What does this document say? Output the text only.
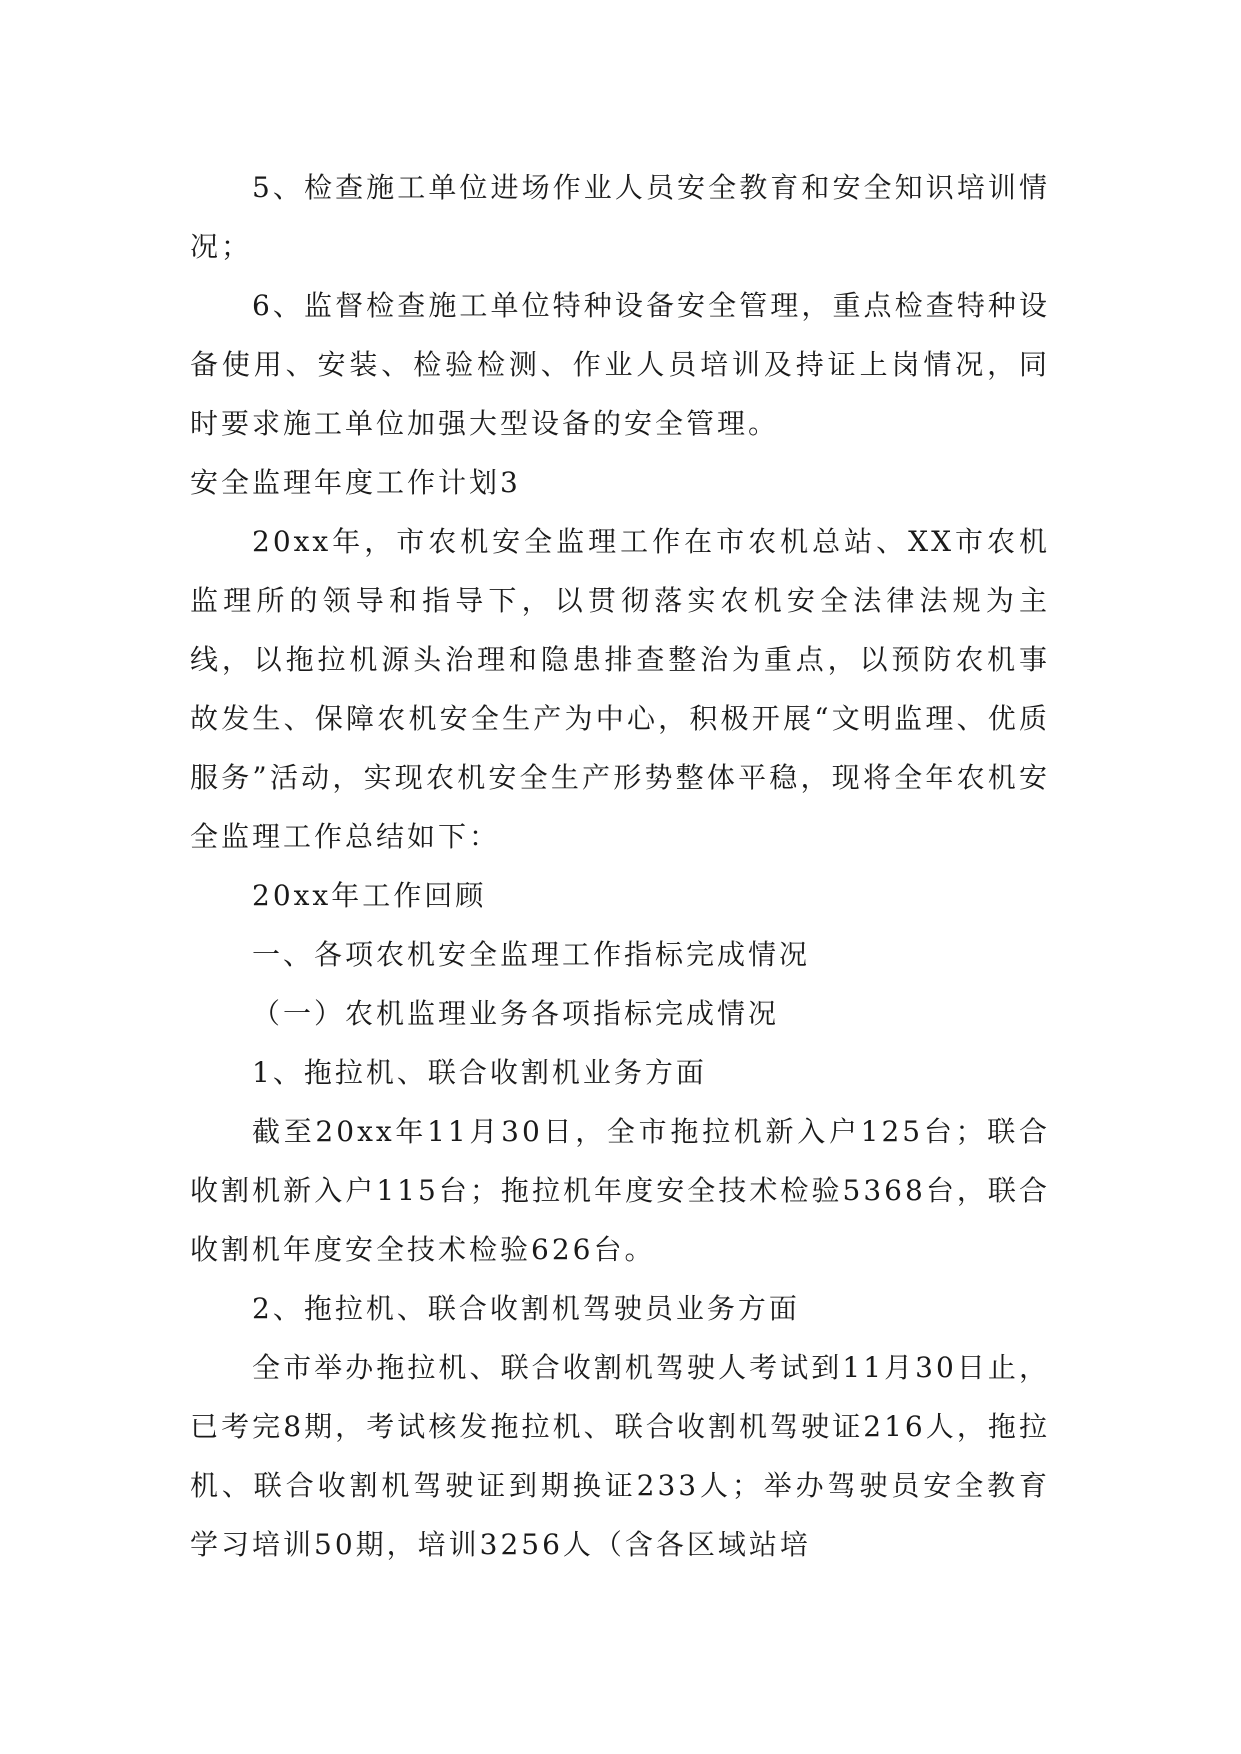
5、检查施工单位进场作业人员安全教育和安全知识培训情况；

6、监督检查施工单位特种设备安全管理，重点检查特种设备使用、安装、检验检测、作业人员培训及持证上岗情况，同时要求施工单位加强大型设备的安全管理。

安全监理年度工作计划3

20xx年，市农机安全监理工作在市农机总站、XX市农机监理所的领导和指导下，以贯彻落实农机安全法律法规为主线，以拖拉机源头治理和隐患排查整治为重点，以预防农机事故发生、保障农机安全生产为中心，积极开展“文明监理、优质服务”活动，实现农机安全生产形势整体平稳，现将全年农机安全监理工作总结如下：

20xx年工作回顾

一、各项农机安全监理工作指标完成情况

（一）农机监理业务各项指标完成情况

1、拖拉机、联合收割机业务方面

截至20xx年11月30日，全市拖拉机新入户125台；联合收割机新入户115台；拖拉机年度安全技术检验5368台，联合收割机年度安全技术检验626台。

2、拖拉机、联合收割机驾驶员业务方面

全市举办拖拉机、联合收割机驾驶人考试到11月30日止，已考完8期，考试核发拖拉机、联合收割机驾驶证216人，拖拉机、联合收割机驾驶证到期换证233人；举办驾驶员安全教育学习培训50期，培训3256人（含各区域站培
